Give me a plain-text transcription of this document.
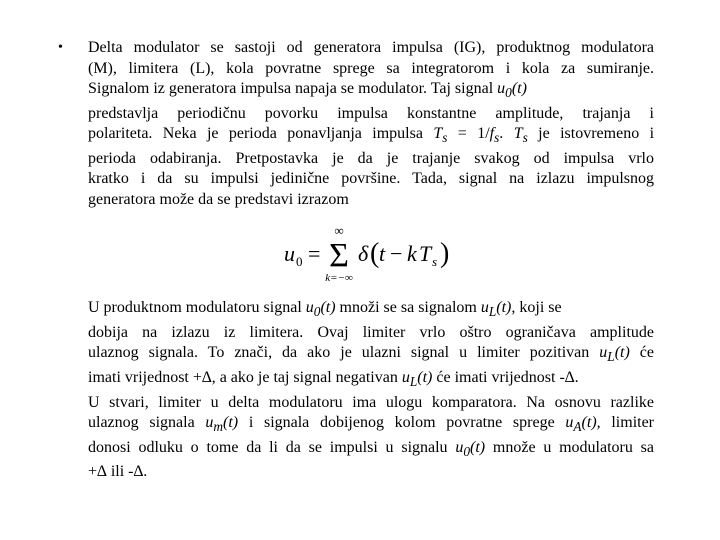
• Delta modulator se sastoji od generatora impulsa (IG), produktnog modulatora
(M), limitera (L), kola povratne sprege sa integratorom i kola za sumiranje.
Signalom iz generatora impulsa napaja se modulator. Taj signal $u_0(t)$
predstavlja periodičnu povorku impulsa konstantne amplitude, trajanja i
polariteta. Neka je perioda ponavljanja impulsa $T_s = 1/f_s$. $T_s$ je istovremeno i
perioda odabiranja. Pretpostavka je da je trajanje svakog od impulsa vrlo
kratko i da su impulsi jedinične površine. Tada, signal na izlazu impulsnog
generatora može da se predstavi izrazom
u 0 =
∞
Σ
k=−∞
δ ( t − k T s )
U produktnom modulatoru signal $u_0(t)$ množi se sa signalom $u_L(t)$, koji se
dobija na izlazu iz limitera. Ovaj limiter vrlo oštro ograničava amplitude
ulaznog signala. To znači, da ako je ulazni signal u limiter pozitivan $u_L(t)$ će
imati vrijednost +∆, a ako je taj signal negativan $u_L(t)$ će imati vrijednost -∆.
U stvari, limiter u delta modulatoru ima ulogu komparatora. Na osnovu razlike
ulaznog signala $u_m(t)$ i signala dobijenog kolom povratne sprege $u_A(t)$, limiter
donosi odluku o tome da li da se impulsi u signalu $u_0(t)$ množe u modulatoru sa
+∆ ili -∆.
